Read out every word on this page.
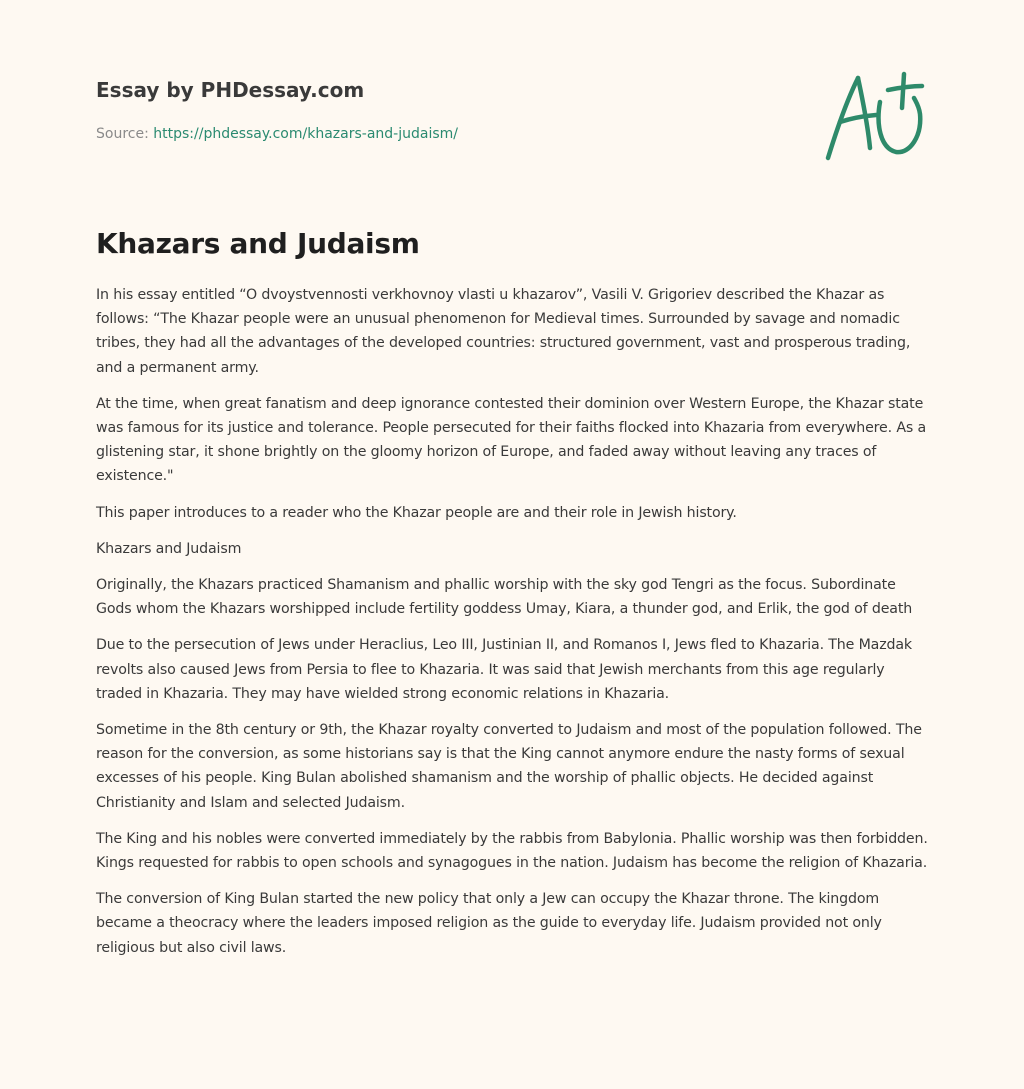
Essay by PHDessay.com

Source: https://phdessay.com/khazars-and-judaism/
Khazars and Judaism

In his essay entitled “O dvoystvennosti verkhovnoy vlasti u khazarov”, Vasili V. Grigoriev described the Khazar as follows: “The Khazar people were an unusual phenomenon for Medieval times. Surrounded by savage and nomadic tribes, they had all the advantages of the developed countries: structured government, vast and prosperous trading, and a permanent army.

At the time, when great fanatism and deep ignorance contested their dominion over Western Europe, the Khazar state was famous for its justice and tolerance. People persecuted for their faiths flocked into Khazaria from everywhere. As a glistening star, it shone brightly on the gloomy horizon of Europe, and faded away without leaving any traces of existence."

This paper introduces to a reader who the Khazar people are and their role in Jewish history.

Khazars and Judaism

Originally, the Khazars practiced Shamanism and phallic worship with the sky god Tengri as the focus. Subordinate Gods whom the Khazars worshipped include fertility goddess Umay, Kiara, a thunder god, and Erlik, the god of death

Due to the persecution of Jews under Heraclius, Leo III, Justinian II, and Romanos I, Jews fled to Khazaria. The Mazdak revolts also caused Jews from Persia to flee to Khazaria. It was said that Jewish merchants from this age regularly traded in Khazaria. They may have wielded strong economic relations in Khazaria.

Sometime in the 8th century or 9th, the Khazar royalty converted to Judaism and most of the population followed. The reason for the conversion, as some historians say is that the King cannot anymore endure the nasty forms of sexual excesses of his people. King Bulan abolished shamanism and the worship of phallic objects. He decided against Christianity and Islam and selected Judaism.

The King and his nobles were converted immediately by the rabbis from Babylonia. Phallic worship was then forbidden. Kings requested for rabbis to open schools and synagogues in the nation. Judaism has become the religion of Khazaria.

The conversion of King Bulan started the new policy that only a Jew can occupy the Khazar throne. The kingdom became a theocracy where the leaders imposed religion as the guide to everyday life. Judaism provided not only religious but also civil laws.
